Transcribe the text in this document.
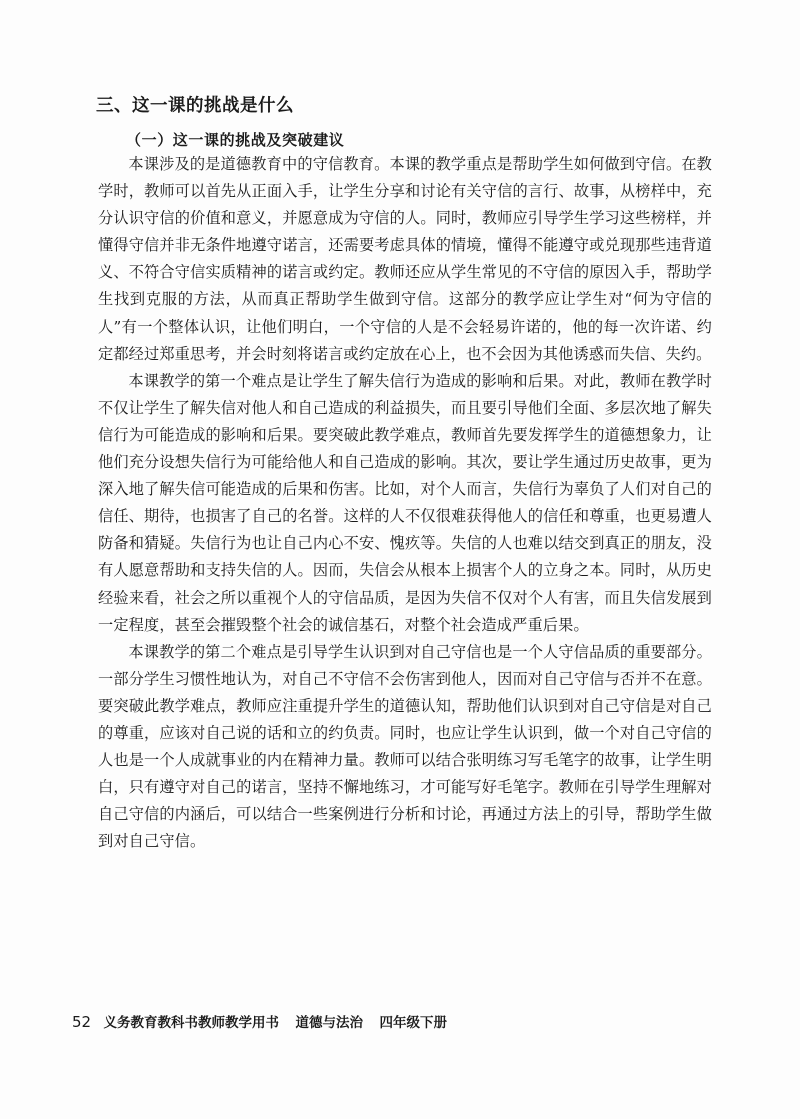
三、这一课的挑战是什么
（一）这一课的挑战及突破建议

本课涉及的是道德教育中的守信教育。本课的教学重点是帮助学生如何做到守信。在教学时，教师可以首先从正面入手，让学生分享和讨论有关守信的言行、故事，从榜样中，充分认识守信的价值和意义，并愿意成为守信的人。同时，教师应引导学生学习这些榜样，并懂得守信并非无条件地遵守诺言，还需要考虑具体的情境，懂得不能遵守或兑现那些违背道义、不符合守信实质精神的诺言或约定。教师还应从学生常见的不守信的原因入手，帮助学生找到克服的方法，从而真正帮助学生做到守信。这部分的教学应让学生对“何为守信的人”有一个整体认识，让他们明白，一个守信的人是不会轻易许诺的，他的每一次许诺、约定都经过郑重思考，并会时刻将诺言或约定放在心上，也不会因为其他诱惑而失信、失约。

本课教学的第一个难点是让学生了解失信行为造成的影响和后果。对此，教师在教学时不仅让学生了解失信对他人和自己造成的利益损失，而且要引导他们全面、多层次地了解失信行为可能造成的影响和后果。要突破此教学难点，教师首先要发挥学生的道德想象力，让他们充分设想失信行为可能给他人和自己造成的影响。其次，要让学生通过历史故事，更为深入地了解失信可能造成的后果和伤害。比如，对个人而言，失信行为辜负了人们对自己的信任、期待，也损害了自己的名誉。这样的人不仅很难获得他人的信任和尊重，也更易遭人防备和猜疑。失信行为也让自己内心不安、愧疚等。失信的人也难以结交到真正的朋友，没有人愿意帮助和支持失信的人。因而，失信会从根本上损害个人的立身之本。同时，从历史经验来看，社会之所以重视个人的守信品质，是因为失信不仅对个人有害，而且失信发展到一定程度，甚至会摧毁整个社会的诚信基石，对整个社会造成严重后果。

本课教学的第二个难点是引导学生认识到对自己守信也是一个人守信品质的重要部分。一部分学生习惯性地认为，对自己不守信不会伤害到他人，因而对自己守信与否并不在意。要突破此教学难点，教师应注重提升学生的道德认知，帮助他们认识到对自己守信是对自己的尊重，应该对自己说的话和立的约负责。同时，也应让学生认识到，做一个对自己守信的人也是一个人成就事业的内在精神力量。教师可以结合张明练习写毛笔字的故事，让学生明白，只有遵守对自己的诺言，坚持不懈地练习，才可能写好毛笔字。教师在引导学生理解对自己守信的内涵后，可以结合一些案例进行分析和讨论，再通过方法上的引导，帮助学生做到对自己守信。

52 义务教育教科书教师教学用书 道德与法治 四年级下册
